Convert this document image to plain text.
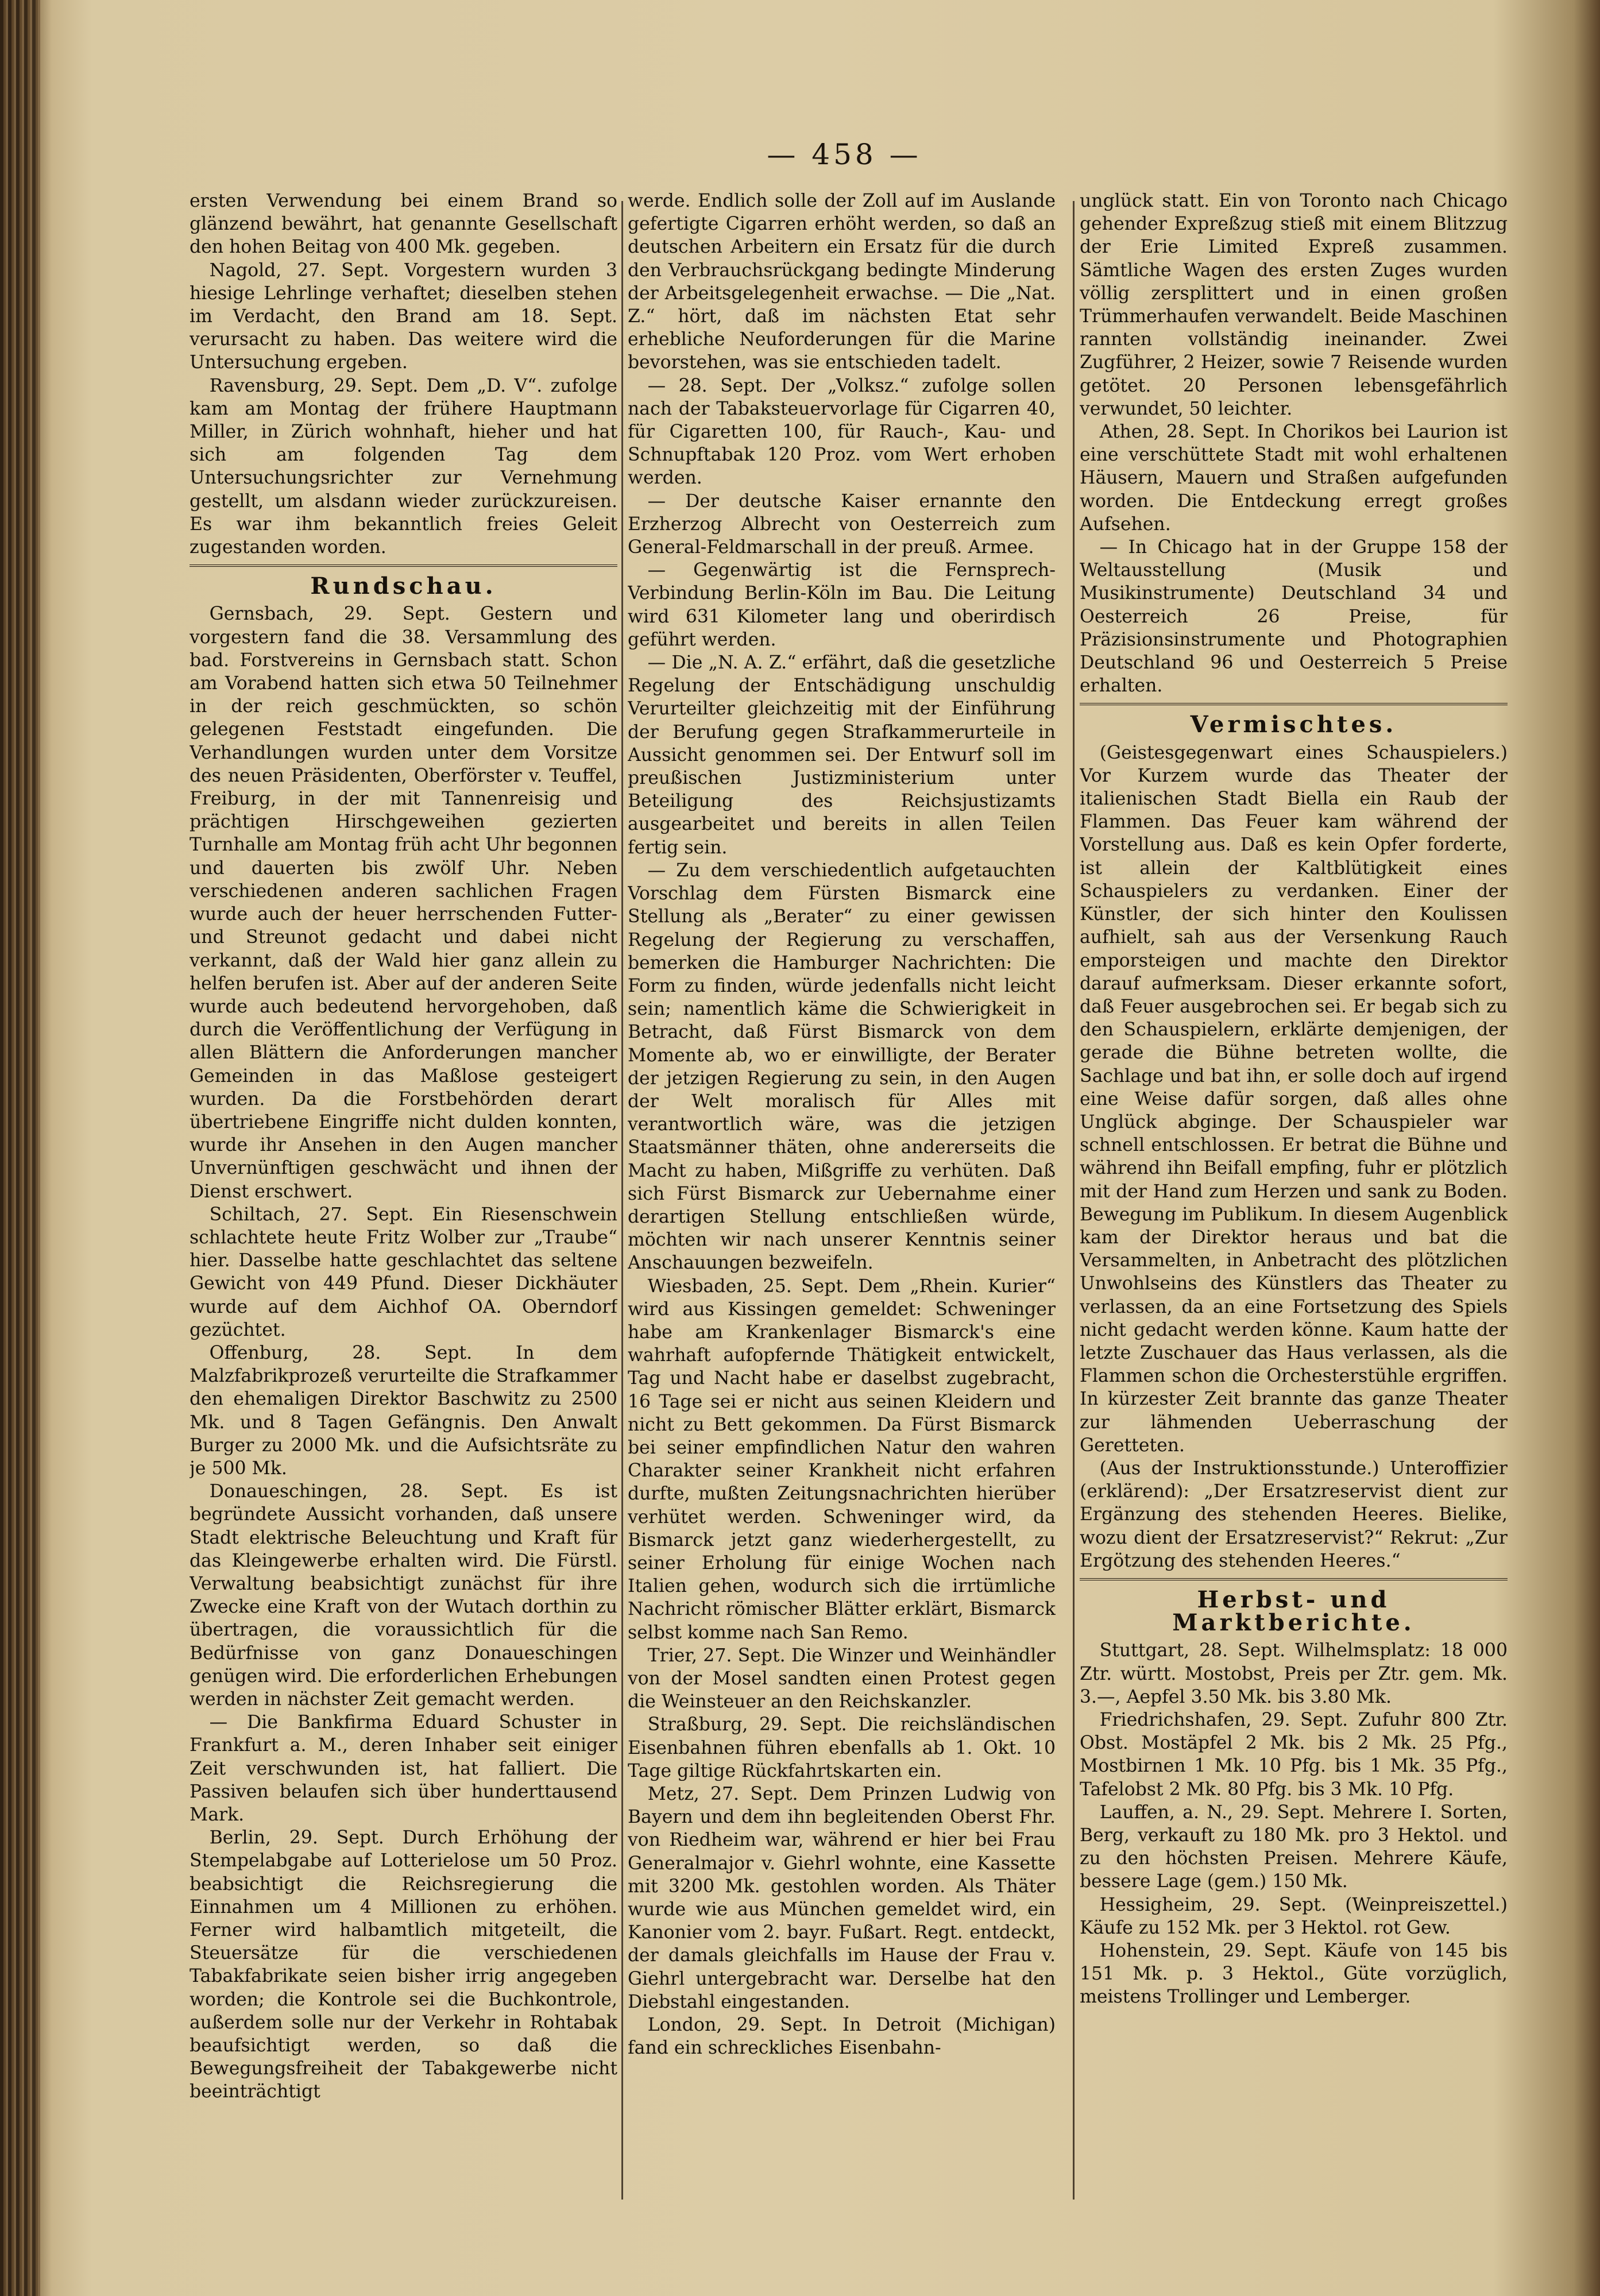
— 458 —

ersten Verwendung bei einem Brand so glänzend bewährt, hat genannte Gesellschaft den hohen Beitag von 400 Mk. gegeben.

Nagold, 27. Sept. Vorgestern wurden 3 hiesige Lehrlinge verhaftet; dieselben stehen im Verdacht, den Brand am 18. Sept. verursacht zu haben. Das weitere wird die Untersuchung ergeben.

Ravensburg, 29. Sept. Dem „D. V“. zufolge kam am Montag der frühere Hauptmann Miller, in Zürich wohnhaft, hieher und hat sich am folgenden Tag dem Untersuchungsrichter zur Vernehmung gestellt, um alsdann wieder zurückzureisen. Es war ihm bekanntlich freies Geleit zugestanden worden.

Rundschau.

Gernsbach, 29. Sept. Gestern und vorgestern fand die 38. Versammlung des bad. Forstvereins in Gernsbach statt. Schon am Vorabend hatten sich etwa 50 Teilnehmer in der reich geschmückten, so schön gelegenen Feststadt eingefunden. Die Verhandlungen wurden unter dem Vorsitze des neuen Präsidenten, Oberförster v. Teuffel, Freiburg, in der mit Tannenreisig und prächtigen Hirschgeweihen gezierten Turnhalle am Montag früh acht Uhr begonnen und dauerten bis zwölf Uhr. Neben verschiedenen anderen sachlichen Fragen wurde auch der heuer herrschenden Futter- und Streunot gedacht und dabei nicht verkannt, daß der Wald hier ganz allein zu helfen berufen ist. Aber auf der anderen Seite wurde auch bedeutend hervorgehoben, daß durch die Veröffentlichung der Verfügung in allen Blättern die Anforderungen mancher Gemeinden in das Maßlose gesteigert wurden. Da die Forstbehörden derart übertriebene Eingriffe nicht dulden konnten, wurde ihr Ansehen in den Augen mancher Unvernünftigen geschwächt und ihnen der Dienst erschwert.

Schiltach, 27. Sept. Ein Riesenschwein schlachtete heute Fritz Wolber zur „Traube“ hier. Dasselbe hatte geschlachtet das seltene Gewicht von 449 Pfund. Dieser Dickhäuter wurde auf dem Aichhof OA. Oberndorf gezüchtet.

Offenburg, 28. Sept. In dem Malzfabrikprozeß verurteilte die Strafkammer den ehemaligen Direktor Baschwitz zu 2500 Mk. und 8 Tagen Gefängnis. Den Anwalt Burger zu 2000 Mk. und die Aufsichtsräte zu je 500 Mk.

Donaueschingen, 28. Sept. Es ist begründete Aussicht vorhanden, daß unsere Stadt elektrische Beleuchtung und Kraft für das Kleingewerbe erhalten wird. Die Fürstl. Verwaltung beabsichtigt zunächst für ihre Zwecke eine Kraft von der Wutach dorthin zu übertragen, die voraussichtlich für die Bedürfnisse von ganz Donaueschingen genügen wird. Die erforderlichen Erhebungen werden in nächster Zeit gemacht werden.

— Die Bankfirma Eduard Schuster in Frankfurt a. M., deren Inhaber seit einiger Zeit verschwunden ist, hat falliert. Die Passiven belaufen sich über hunderttausend Mark.

Berlin, 29. Sept. Durch Erhöhung der Stempelabgabe auf Lotterielose um 50 Proz. beabsichtigt die Reichsregierung die Einnahmen um 4 Millionen zu erhöhen. Ferner wird halbamtlich mitgeteilt, die Steuersätze für die verschiedenen Tabakfabrikate seien bisher irrig angegeben worden; die Kontrole sei die Buchkontrole, außerdem solle nur der Verkehr in Rohtabak beaufsichtigt werden, so daß die Bewegungsfreiheit der Tabakgewerbe nicht beeinträchtigt

werde. Endlich solle der Zoll auf im Auslande gefertigte Cigarren erhöht werden, so daß an deutschen Arbeitern ein Ersatz für die durch den Verbrauchsrückgang bedingte Minderung der Arbeitsgelegenheit erwachse. — Die „Nat. Z.“ hört, daß im nächsten Etat sehr erhebliche Neuforderungen für die Marine bevorstehen, was sie entschieden tadelt.

— 28. Sept. Der „Volksz.“ zufolge sollen nach der Tabaksteuervorlage für Cigarren 40, für Cigaretten 100, für Rauch-, Kau- und Schnupftabak 120 Proz. vom Wert erhoben werden.

— Der deutsche Kaiser ernannte den Erzherzog Albrecht von Oesterreich zum General-Feldmarschall in der preuß. Armee.

— Gegenwärtig ist die Fernsprech-Verbindung Berlin-Köln im Bau. Die Leitung wird 631 Kilometer lang und oberirdisch geführt werden.

— Die „N. A. Z.“ erfährt, daß die gesetzliche Regelung der Entschädigung unschuldig Verurteilter gleichzeitig mit der Einführung der Berufung gegen Strafkammerurteile in Aussicht genommen sei. Der Entwurf soll im preußischen Justizministerium unter Beteiligung des Reichsjustizamts ausgearbeitet und bereits in allen Teilen fertig sein.

— Zu dem verschiedentlich aufgetauchten Vorschlag dem Fürsten Bismarck eine Stellung als „Berater“ zu einer gewissen Regelung der Regierung zu verschaffen, bemerken die Hamburger Nachrichten: Die Form zu finden, würde jedenfalls nicht leicht sein; namentlich käme die Schwierigkeit in Betracht, daß Fürst Bismarck von dem Momente ab, wo er einwilligte, der Berater der jetzigen Regierung zu sein, in den Augen der Welt moralisch für Alles mit verantwortlich wäre, was die jetzigen Staatsmänner thäten, ohne andererseits die Macht zu haben, Mißgriffe zu verhüten. Daß sich Fürst Bismarck zur Uebernahme einer derartigen Stellung entschließen würde, möchten wir nach unserer Kenntnis seiner Anschauungen bezweifeln.

Wiesbaden, 25. Sept. Dem „Rhein. Kurier“ wird aus Kissingen gemeldet: Schweninger habe am Krankenlager Bismarck's eine wahrhaft aufopfernde Thätigkeit entwickelt, Tag und Nacht habe er daselbst zugebracht, 16 Tage sei er nicht aus seinen Kleidern und nicht zu Bett gekommen. Da Fürst Bismarck bei seiner empfindlichen Natur den wahren Charakter seiner Krankheit nicht erfahren durfte, mußten Zeitungsnachrichten hierüber verhütet werden. Schweninger wird, da Bismarck jetzt ganz wiederhergestellt, zu seiner Erholung für einige Wochen nach Italien gehen, wodurch sich die irrtümliche Nachricht römischer Blätter erklärt, Bismarck selbst komme nach San Remo.

Trier, 27. Sept. Die Winzer und Weinhändler von der Mosel sandten einen Protest gegen die Weinsteuer an den Reichskanzler.

Straßburg, 29. Sept. Die reichsländischen Eisenbahnen führen ebenfalls ab 1. Okt. 10 Tage giltige Rückfahrtskarten ein.

Metz, 27. Sept. Dem Prinzen Ludwig von Bayern und dem ihn begleitenden Oberst Fhr. von Riedheim war, während er hier bei Frau Generalmajor v. Giehrl wohnte, eine Kassette mit 3200 Mk. gestohlen worden. Als Thäter wurde wie aus München gemeldet wird, ein Kanonier vom 2. bayr. Fußart. Regt. entdeckt, der damals gleichfalls im Hause der Frau v. Giehrl untergebracht war. Derselbe hat den Diebstahl eingestanden.

London, 29. Sept. In Detroit (Michigan) fand ein schreckliches Eisenbahn-

unglück statt. Ein von Toronto nach Chicago gehender Expreßzug stieß mit einem Blitzzug der Erie Limited Expreß zusammen. Sämtliche Wagen des ersten Zuges wurden völlig zersplittert und in einen großen Trümmerhaufen verwandelt. Beide Maschinen rannten vollständig ineinander. Zwei Zugführer, 2 Heizer, sowie 7 Reisende wurden getötet. 20 Personen lebensgefährlich verwundet, 50 leichter.

Athen, 28. Sept. In Chorikos bei Laurion ist eine verschüttete Stadt mit wohl erhaltenen Häusern, Mauern und Straßen aufgefunden worden. Die Entdeckung erregt großes Aufsehen.

— In Chicago hat in der Gruppe 158 der Weltausstellung (Musik und Musikinstrumente) Deutschland 34 und Oesterreich 26 Preise, für Präzisionsinstrumente und Photographien Deutschland 96 und Oesterreich 5 Preise erhalten.

Vermischtes.

(Geistesgegenwart eines Schauspielers.) Vor Kurzem wurde das Theater der italienischen Stadt Biella ein Raub der Flammen. Das Feuer kam während der Vorstellung aus. Daß es kein Opfer forderte, ist allein der Kaltblütigkeit eines Schauspielers zu verdanken. Einer der Künstler, der sich hinter den Koulissen aufhielt, sah aus der Versenkung Rauch emporsteigen und machte den Direktor darauf aufmerksam. Dieser erkannte sofort, daß Feuer ausgebrochen sei. Er begab sich zu den Schauspielern, erklärte demjenigen, der gerade die Bühne betreten wollte, die Sachlage und bat ihn, er solle doch auf irgend eine Weise dafür sorgen, daß alles ohne Unglück abginge. Der Schauspieler war schnell entschlossen. Er betrat die Bühne und während ihn Beifall empfing, fuhr er plötzlich mit der Hand zum Herzen und sank zu Boden. Bewegung im Publikum. In diesem Augenblick kam der Direktor heraus und bat die Versammelten, in Anbetracht des plötzlichen Unwohlseins des Künstlers das Theater zu verlassen, da an eine Fortsetzung des Spiels nicht gedacht werden könne. Kaum hatte der letzte Zuschauer das Haus verlassen, als die Flammen schon die Orchesterstühle ergriffen. In kürzester Zeit brannte das ganze Theater zur lähmenden Ueberraschung der Geretteten.

(Aus der Instruktionsstunde.) Unteroffizier (erklärend): „Der Ersatzreservist dient zur Ergänzung des stehenden Heeres. Bielike, wozu dient der Ersatzreservist?“ Rekrut: „Zur Ergötzung des stehenden Heeres.“

Herbst- und Marktberichte.

Stuttgart, 28. Sept. Wilhelmsplatz: 18 000 Ztr. württ. Mostobst, Preis per Ztr. gem. Mk. 3.—, Aepfel 3.50 Mk. bis 3.80 Mk.

Friedrichshafen, 29. Sept. Zufuhr 800 Ztr. Obst. Mostäpfel 2 Mk. bis 2 Mk. 25 Pfg., Mostbirnen 1 Mk. 10 Pfg. bis 1 Mk. 35 Pfg., Tafelobst 2 Mk. 80 Pfg. bis 3 Mk. 10 Pfg.

Lauffen, a. N., 29. Sept. Mehrere I. Sorten, Berg, verkauft zu 180 Mk. pro 3 Hektol. und zu den höchsten Preisen. Mehrere Käufe, bessere Lage (gem.) 150 Mk.

Hessigheim, 29. Sept. (Weinpreiszettel.) Käufe zu 152 Mk. per 3 Hektol. rot Gew.

Hohenstein, 29. Sept. Käufe von 145 bis 151 Mk. p. 3 Hektol., Güte vorzüglich, meistens Trollinger und Lemberger.
